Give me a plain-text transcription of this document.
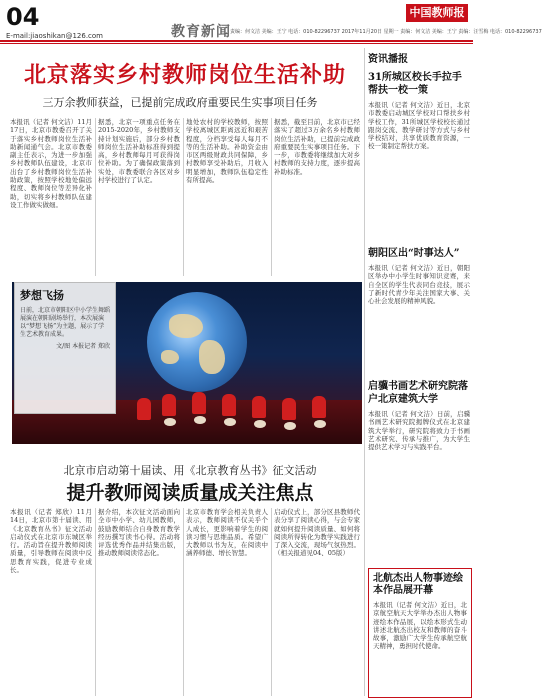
04
E-mail:jiaoshikan@126.com	教育新闻 责编：何文洁 美编：王宁 电话：010-82296737 2017年11月20日 星期一 责编：何文洁 美编：王宁 责编：汪雪梅 电话：010-82296737
中国教师报
北京落实乡村教师岗位生活补助
三万余教师获益，已提前完成政府重要民生实事项目任务
本报讯（记者 何文洁）11月17日，北京市教委召开了关于落实乡村教师岗位生活补助新闻通气会。北京市教委副主任表示，为进一步加强乡村教师队伍建设，北京市出台了乡村教师岗位生活补助政策，按照学校地处偏远程度、教师岗位等差异化补助，切实将乡村教师队伍建设工作做实做细。
据悉，北京一项重点任务在2015-2020年，乡村教师支持计划实施后，部分乡村教师岗位生活补助标准得到提高，乡村教师每月可获得岗位补助。为了确保政策落到实处，市教委联合各区对乡村学校进行了认定。
地处农村的学校教师，按照学校离城区距离远近和艰苦程度，分档享受每人每月不等的生活补助。补助资金由市区两级财政共同保障，乡村教师享受补助后，月收入明显增加，教师队伍稳定性有所提高。
据悉，截至目前，北京市已经落实了超过3万余名乡村教师岗位生活补助，已提前完成政府重要民生实事项目任务。下一步，市教委将继续加大对乡村教师的支持力度，逐步提高补助标准。
梦想飞扬
日前，北京市朝阳区中小学生舞蹈展演在朝阳剧场举行，本次展演以“梦想飞扬”为主题，展示了学生艺术教育成果。
文/图 本报记者 郑欣
北京市启动第十届读、用《北京教育丛书》征文活动
提升教师阅读质量成关注焦点
本报讯（记者 郑欣）11月14日，北京市第十届读、用《北京教育丛书》征文活动启动仪式在北京市东城区举行。活动旨在提升教师阅读质量，引导教师在阅读中反思教育实践，促进专业成长。
据介绍，本次征文活动面向全市中小学、幼儿园教师，鼓励教师结合自身教育教学经历撰写读书心得。活动将评选优秀作品并结集出版，推动教师阅读常态化。
北京市教育学会相关负责人表示，教师阅读不仅关乎个人成长，更影响着学生的阅读习惯与思维品质。希望广大教师以书为友，在阅读中涵养师德、增长智慧。
启动仪式上，部分区县教师代表分享了阅读心得，与会专家就如何提升阅读质量、如何将阅读所得转化为教学实践进行了深入交流，现场气氛热烈。（相关报道见04、05版）
资讯播报
31所城区校长手拉手帮扶一校一策
本报讯（记者 何文洁）近日，北京市教委启动城区学校对口帮扶乡村学校工作，31所城区学校校长通过跟岗交流、教学研讨等方式与乡村学校结对，共享优质教育资源，一校一策制定帮扶方案。
朝阳区出“时事达人”
本报讯（记者 何文洁）近日，朝阳区举办中小学生时事知识竞赛，来自全区的学生代表同台竞技，展示了新时代青少年关注国家大事、关心社会发展的精神风貌。
启骥书画艺术研究院落户北京建筑大学
本报讯（记者 何文洁）日前，启骥书画艺术研究院揭牌仪式在北京建筑大学举行，研究院将致力于书画艺术研究、传承与推广，为大学生提供艺术学习与实践平台。
北航杰出人物事迹绘本作品展开幕
本报讯（记者 何文洁）近日，北京航空航天大学举办杰出人物事迹绘本作品展，以绘本形式生动讲述北航杰出校友和教师的奋斗故事，激励广大学生传承航空航天精神，勇担时代使命。
